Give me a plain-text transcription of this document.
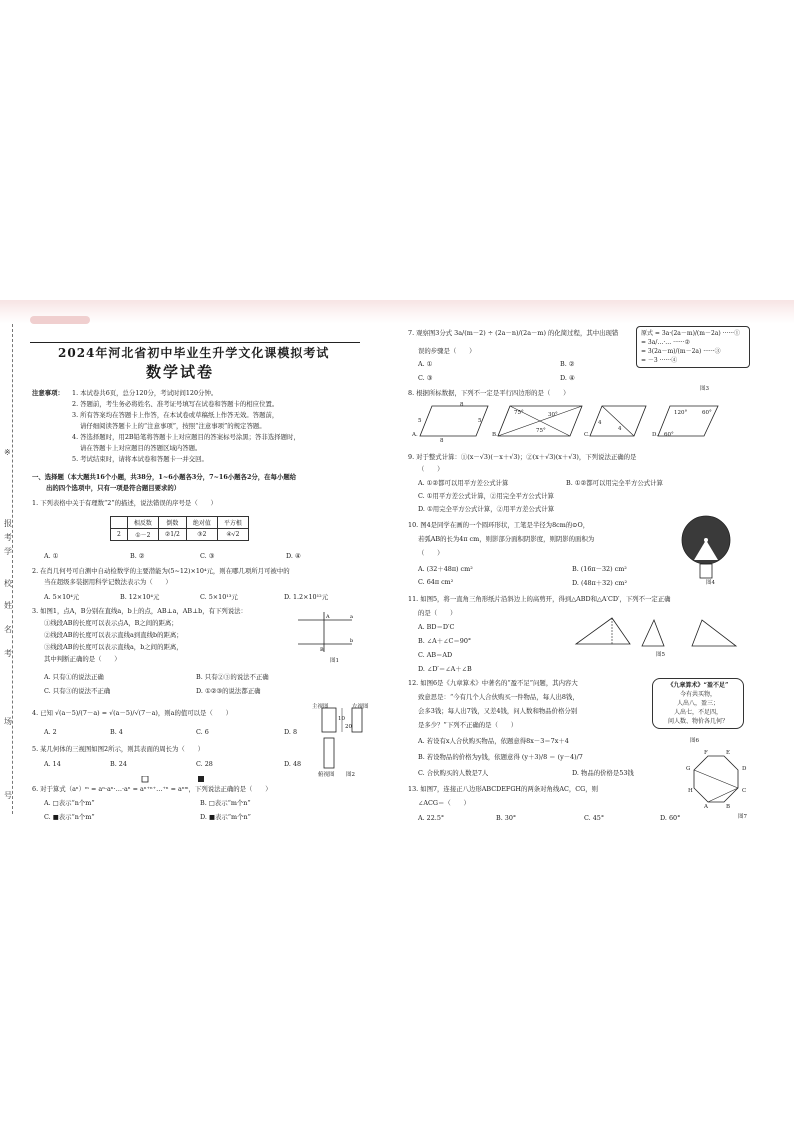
※
报
考
学
校
姓
名
考
场
号
2024年河北省初中毕业生升学文化课模拟考试
数学试卷
注意事项： 1. 本试卷共6页，总分120分，考试时间120分钟。
2. 答题前，考生务必将姓名、准考证号填写在试卷和答题卡的相应位置。
3. 所有答案均在答题卡上作答，在本试卷或草稿纸上作答无效。答题前，
请仔细阅读答题卡上的“注意事项”，按照“注意事项”的规定答题。
4. 答选择题时，用2B铅笔将答题卡上对应题目的答案标号涂黑；答非选择题时，
请在答题卡上对应题目的答题区域内答题。
5. 考试结束时，请将本试卷和答题卡一并交回。
一、选择题（本大题共16个小题，共38分，1~6小题各3分，7~16小题各2分，在每小题给
出的四个选项中，只有一项是符合题目要求的）
1. 下列表格中关于有理数“2”的描述，说法错误的序号是（　　）
	相反数	倒数	绝对值	平方根
2	①－2	②1/2	③2	④√2
A. ①	B. ②	C. ③	D. ④
2. 在肖几何号可自测中自动检数学的主要潜能为(5~12)×10⁴元，则在哪几项所月可被中的
当在超级多装据用科学记数法表示为（　　）
A. 5×10⁴元	B. 12×10⁴元	C. 5×10¹³元	D. 1.2×10¹²元
3. 如图1，点A，B分别在直线a，b上的点，AB⊥a，AB⊥b，有下列说法：
①线段AB的长度可以表示点A，B之间的距离；
②线段AB的长度可以表示直线a到直线b的距离；
③线段AB的长度可以表示直线a，b之间的距离，
其中判断正确的是（　　）
A. 只有①的说法正确	B. 只有②③的说法不正确
C. 只有③的说法不正确	D. ①②③的说法都正确
a
b
A
B
图1
4. 已知 √(a－5)/(7－a) = √(a－5)/√(7－a)，则a的值可以是（　　）
A. 2	B. 4	C. 6	D. 8
5. 某几何体的三视图如图2所示，则其表面的周长为（　　）
A. 14	B. 24	C. 28	D. 48
主视图	左视图
俯视图
10
20
图2
6. 对于算式（aⁿ）ᵐ = aⁿ·aⁿ·…·aⁿ = aⁿ⁺ⁿ⁺…⁺ⁿ = aⁿᵐ，下列说法正确的是（　　）
A. □表示“n个m”	B. □表示“m个n”
C. ■表示“n个m”	D. ■表示“m个n”
7. 观察图3分式 3a/(m－2) ÷ (2a－n)/(2a－m) 的化简过程，其中出现错
误的步骤是（　　）
A. ①	B. ②
C. ③	D. ④
原式 = 3a·(2a－m)/(m－2a) ······①
= 3a/…·… ······②
= 3(2a－m)/(m－2a) ······③
= －3 ······④
图3
8. 根据所标数据，下列不一定是平行四边形的是（　　）
8
5
5
8
75°	30°
75°
4
4
120°	60°
60°
A.	B.	C.	D.
9. 对于整式计算：①(x－√3)(－x＋√3)；②(x＋√3)(x＋√3)，下列说法正确的是
（　　）
A. ①②都可以用平方差公式计算	B. ①②都可以用完全平方公式计算
C. ①用平方差公式计算，②用完全平方公式计算
D. ①用完全平方公式计算，②用平方差公式计算
10. 图4是同学在画的一个圆环形状，工笔是半径为8cm的⊙O，
若弧AB的长为4π cm，则影部分面积阴影度，则阴影的面积为
（　　）
A. (32＋48π) cm²	B. (16π－32) cm²
C. 64π cm²	D. (48π＋32) cm²	图4
11. 如图5，将一直角三角形纸片沿斜边上的高剪开，得到△ABD和△A′CD′，下列不一定正确
的是（　　）
A. BD＝D′C
B. ∠A＋∠C＝90°
C. AB＝AD
D. ∠D′＝∠A＋∠B
图5
12. 如图6是《九章算术》中著名的“盈不足”问题，其内容大
致意思是：“今有几个人合伙购买一件物品，每人出8钱，
会多3钱；每人出7钱，又差4钱，问人数和物品价格分别
是多少？”下列不正确的是（　　）
A. 若设有x人合伙购买物品，依题意得8x－3＝7x＋4
B. 若设物品的价格为y钱，依题意得 (y＋3)/8 ＝ (y－4)/7
C. 合伙购买的人数是7人	D. 物品的价格是53钱
《九章算术》“盈不足”
今有共买物，
人出八，盈三；
人出七，不足四，
问人数、物价各几何？
图6
13. 如图7，连接正八边形ABCDEFGH的两条对角线AC，CG，则
∠ACG＝（　　）
A. 22.5°	B. 30°	C. 45°	D. 60°
F	E
G	D
H	C
A	B
图7
